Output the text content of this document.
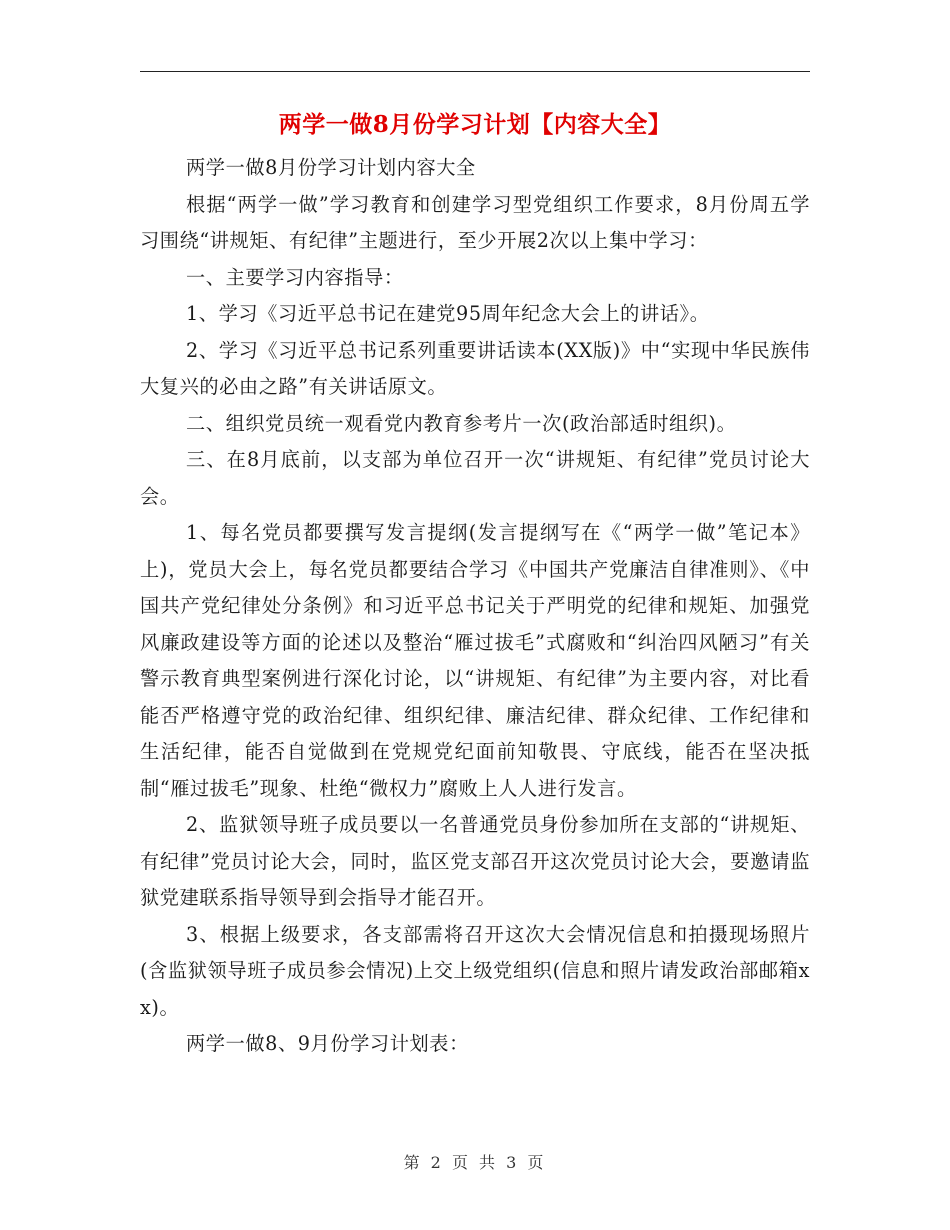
两学一做8月份学习计划【内容大全】

两学一做8月份学习计划内容大全

根据“两学一做”学习教育和创建学习型党组织工作要求，8月份周五学习围绕“讲规矩、有纪律”主题进行，至少开展2次以上集中学习：

一、主要学习内容指导：

1、学习《习近平总书记在建党95周年纪念大会上的讲话》。

2、学习《习近平总书记系列重要讲话读本(XX版)》中“实现中华民族伟大复兴的必由之路”有关讲话原文。

二、组织党员统一观看党内教育参考片一次(政治部适时组织)。

三、在8月底前，以支部为单位召开一次“讲规矩、有纪律”党员讨论大会。

1、每名党员都要撰写发言提纲(发言提纲写在《“两学一做”笔记本》上)，党员大会上，每名党员都要结合学习《中国共产党廉洁自律准则》、《中国共产党纪律处分条例》和习近平总书记关于严明党的纪律和规矩、加强党风廉政建设等方面的论述以及整治“雁过拔毛”式腐败和“纠治四风陋习”有关警示教育典型案例进行深化讨论，以“讲规矩、有纪律”为主要内容，对比看能否严格遵守党的政治纪律、组织纪律、廉洁纪律、群众纪律、工作纪律和生活纪律，能否自觉做到在党规党纪面前知敬畏、守底线，能否在坚决抵制“雁过拔毛”现象、杜绝“微权力”腐败上人人进行发言。

2、监狱领导班子成员要以一名普通党员身份参加所在支部的“讲规矩、有纪律”党员讨论大会，同时，监区党支部召开这次党员讨论大会，要邀请监狱党建联系指导领导到会指导才能召开。

3、根据上级要求，各支部需将召开这次大会情况信息和拍摄现场照片(含监狱领导班子成员参会情况)上交上级党组织(信息和照片请发政治部邮箱xx)。

两学一做8、9月份学习计划表：

第 2 页 共 3 页
